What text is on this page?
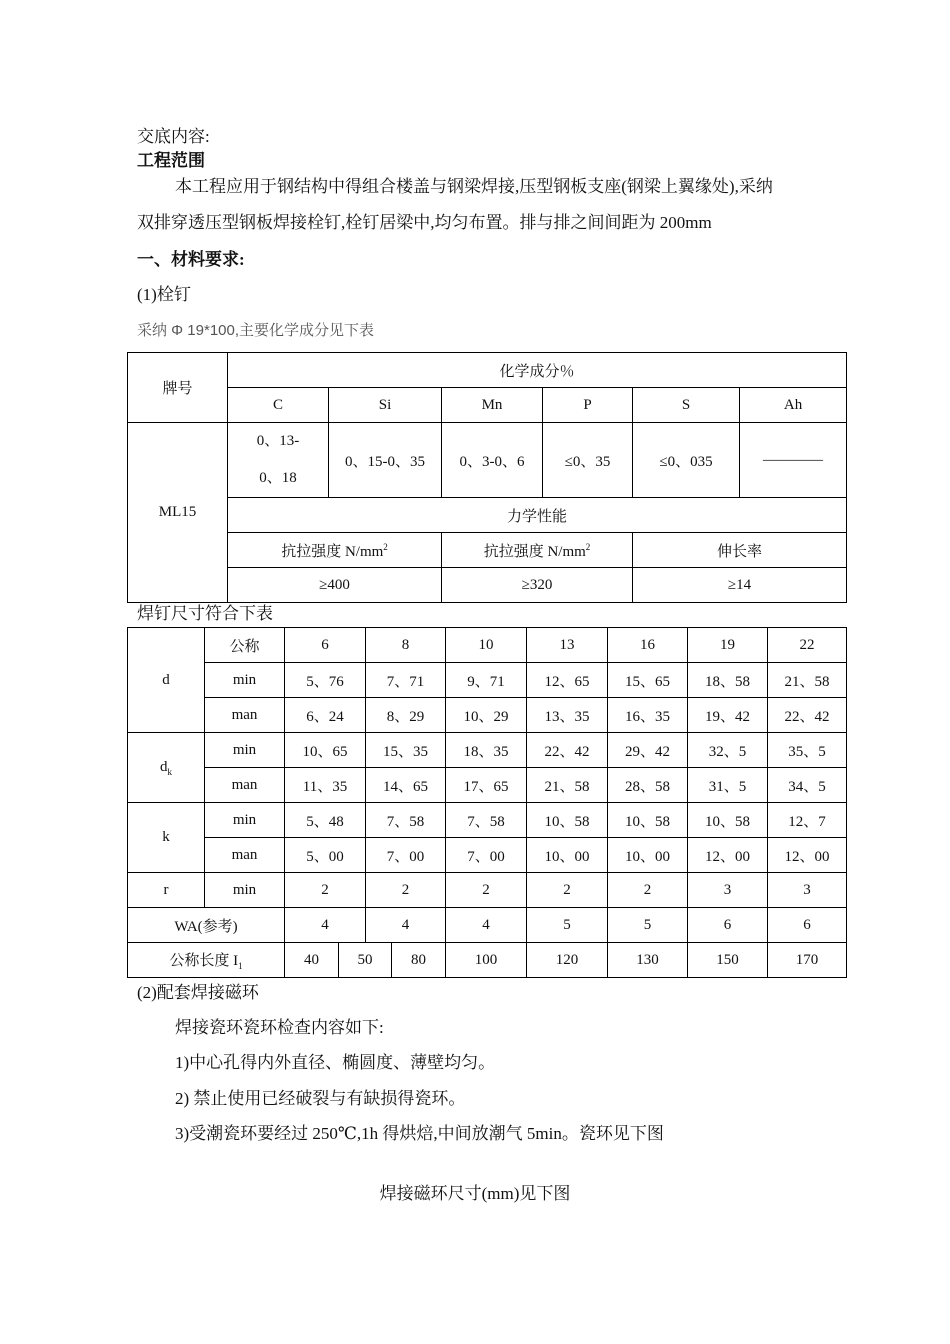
交底内容:
工程范围
本工程应用于钢结构中得组合楼盖与钢梁焊接,压型钢板支座(钢梁上翼缘处),采纳
双排穿透压型钢板焊接栓钉,栓钉居梁中,均匀布置。排与排之间间距为 200mm
一、材料要求:
(1)栓钉
采纳 Φ 19*100,主要化学成分见下表
牌号	化学成分％					
	C	Si	Mn	P	S	Ah
ML15	0、13-0、18	0、15-0、35	0、3-0、6	≤0、35	≤0、035	————
	力学性能					
	抗拉强度 $N/mm^2$		抗拉强度 $N/mm^2$		伸长率	
	≥400		≥320		≥14	
焊钉尺寸符合下表
d	公称	6		8		10	13	16	19	22	
	min	5、76		7、71		9、71	12、65	15、65	18、58	21、58	
	man	6、24		8、29		10、29	13、35	16、35	19、42	22、42	
$d_k$	min	10、65		15、35		18、35	22、42	29、42	32、5	35、5	
	man	11、35		14、65		17、65	21、58	28、58	31、5	34、5	
k	min	5、48		7、58		7、58	10、58	10、58	10、58	12、7	
	man	5、00		7、00		7、00	10、00	10、00	12、00	12、00	
r	min	2		2		2	2	2	3	3	
WA(参考)		4		4		4	5	5	6	6	
公称长度 $I_1$		40	50		80	100	120	130	150	170	
(2)配套焊接磁环
焊接瓷环瓷环检查内容如下:
1)中心孔得内外直径、椭圆度、薄壁均匀。
2) 禁止使用已经破裂与有缺损得瓷环。
3)受潮瓷环要经过 250℃,1h 得烘焙,中间放潮气 5min。瓷环见下图
焊接磁环尺寸(mm)见下图
